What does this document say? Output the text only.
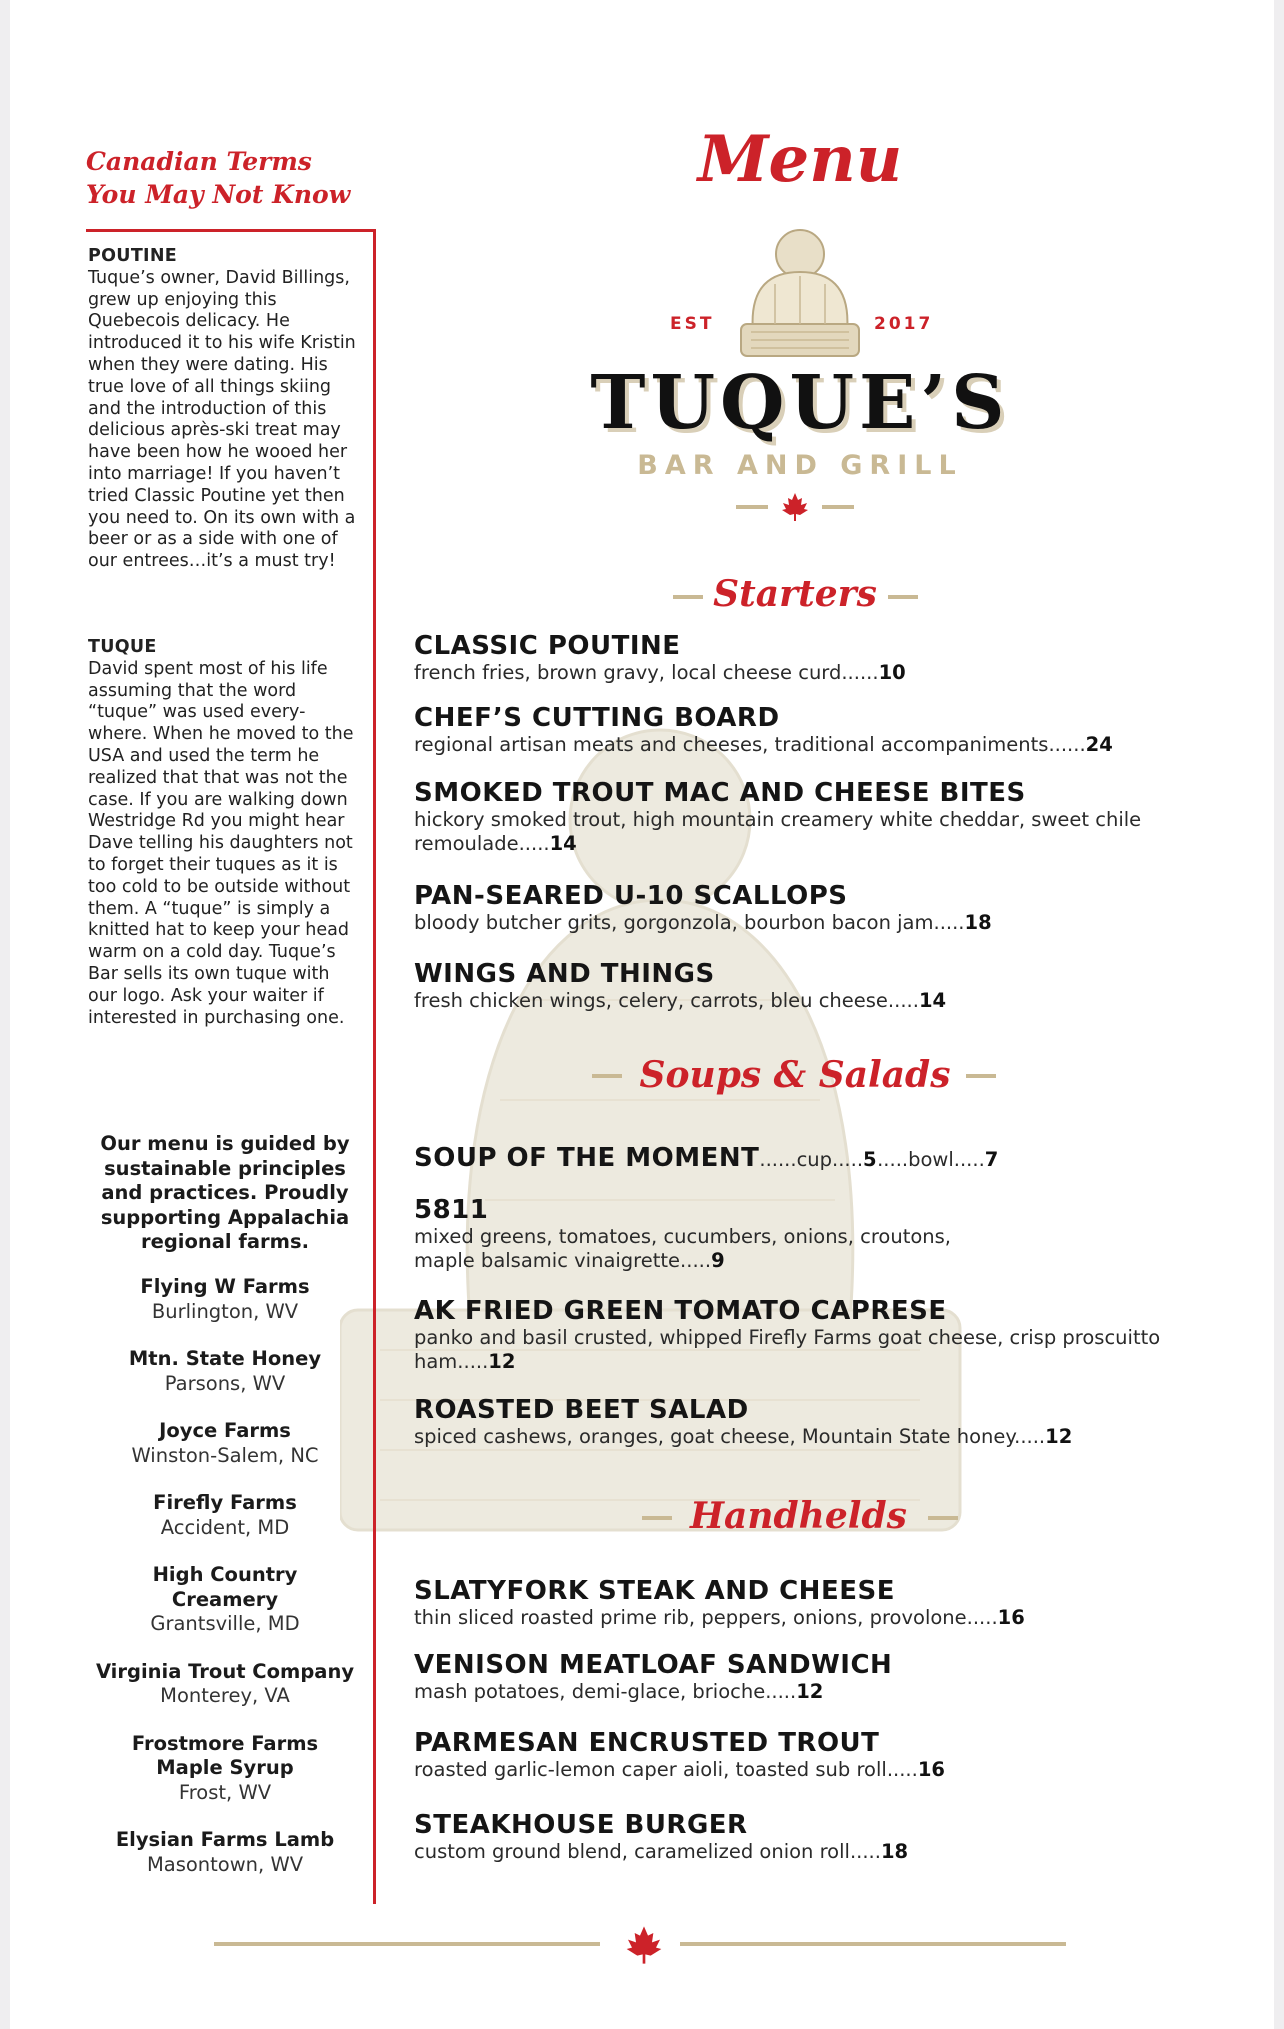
Canadian Terms
You May Not Know
POUTINE
Tuque’s owner, David Billings, grew up enjoying this Quebecois delicacy. He introduced it to his wife Kristin when they were dating. His true love of all things skiing and the introduction of this delicious après-ski treat may have been how he wooed her into marriage! If you haven’t tried Classic Poutine yet then you need to. On its own with a beer or as a side with one of our entrees…it’s a must try!
TUQUE
David spent most of his life assuming that the word “tuque” was used every-where. When he moved to the USA and used the term he realized that that was not the case. If you are walking down Westridge Rd you might hear Dave telling his daughters not to forget their tuques as it is too cold to be outside without them. A “tuque” is simply a knitted hat to keep your head warm on a cold day. Tuque’s Bar sells its own tuque with our logo. Ask your waiter if interested in purchasing one.
Our menu is guided by sustainable principles and practices. Proudly supporting Appalachia regional farms.
Flying W Farms
Burlington, WV
Mtn. State Honey
Parsons, WV
Joyce Farms
Winston-Salem, NC
Firefly Farms
Accident, MD
High Country Creamery
Grantsville, MD
Virginia Trout Company
Monterey, VA
Frostmore Farms Maple Syrup
Frost, WV
Elysian Farms Lamb
Masontown, WV
Menu
EST	2017
TUQUE’S
BAR AND GRILL
Starters
CLASSIC POUTINE
french fries, brown gravy, local cheese curd......10
CHEF’S CUTTING BOARD
regional artisan meats and cheeses, traditional accompaniments......24
SMOKED TROUT MAC AND CHEESE BITES
hickory smoked trout, high mountain creamery white cheddar, sweet chile remoulade.....14
PAN-SEARED U-10 SCALLOPS
bloody butcher grits, gorgonzola, bourbon bacon jam.....18
WINGS AND THINGS
fresh chicken wings, celery, carrots, bleu cheese.....14
Soups & Salads
SOUP OF THE MOMENT......cup.....5.....bowl.....7
5811
mixed greens, tomatoes, cucumbers, onions, croutons, maple balsamic vinaigrette.....9
AK FRIED GREEN TOMATO CAPRESE
panko and basil crusted, whipped Firefly Farms goat cheese, crisp proscuitto ham.....12
ROASTED BEET SALAD
spiced cashews, oranges, goat cheese, Mountain State honey.....12
Handhelds
SLATYFORK STEAK AND CHEESE
thin sliced roasted prime rib, peppers, onions, provolone.....16
VENISON MEATLOAF SANDWICH
mash potatoes, demi-glace, brioche.....12
PARMESAN ENCRUSTED TROUT
roasted garlic-lemon caper aioli, toasted sub roll.....16
STEAKHOUSE BURGER
custom ground blend, caramelized onion roll.....18
